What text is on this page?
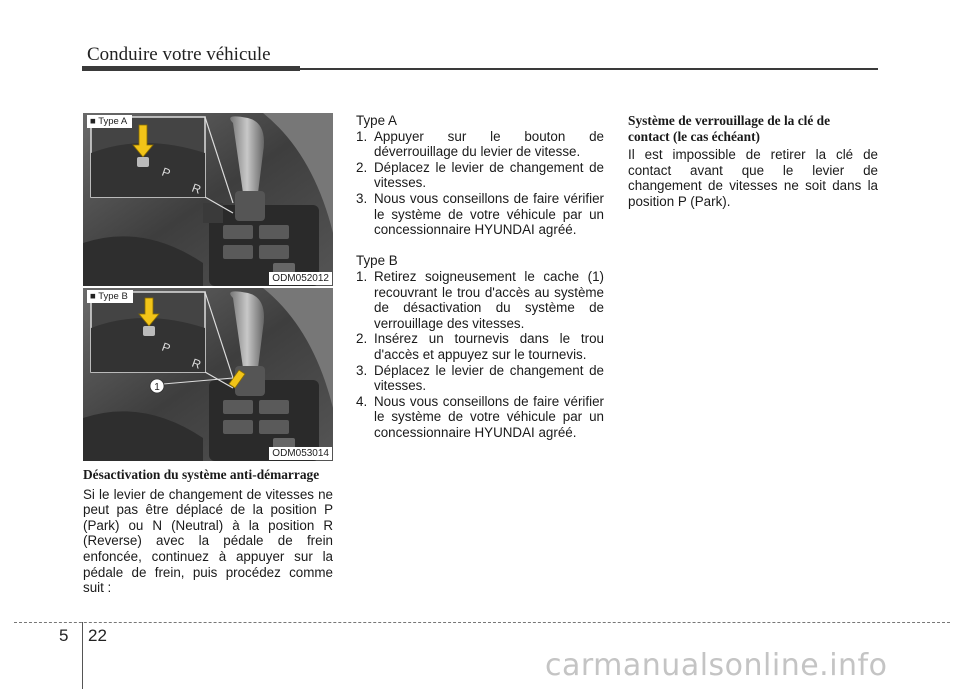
Conduire votre véhicule
P
R
■ Type A
ODM052012
P
R
1
■ Type B
ODM053014
Désactivation du système anti-démarrage
Si le levier de changement de vitesses ne peut pas être déplacé de la position P (Park) ou N (Neutral) à la position R (Reverse) avec la pédale de frein enfoncée, continuez à appuyer sur la pédale de frein, puis procédez comme suit :
Type A
1. Appuyer sur le bouton de déverrouillage du levier de vitesse.
2. Déplacez le levier de changement de vitesses.
3. Nous vous conseillons de faire vérifier le système de votre véhicule par un concessionnaire HYUNDAI agréé.
Type B
1. Retirez soigneusement le cache (1) recouvrant le trou d'accès au système de désactivation du système de verrouillage des vitesses.
2. Insérez un tournevis dans le trou d'accès et appuyez sur le tournevis.
3. Déplacez le levier de changement de vitesses.
4. Nous vous conseillons de faire vérifier le système de votre véhicule par un concessionnaire HYUNDAI agréé.
Système de verrouillage de la clé de
contact (le cas échéant)
Il est impossible de retirer la clé de contact avant que le levier de changement de vitesses ne soit dans la position P (Park).
5 22
carmanualsonline.info
